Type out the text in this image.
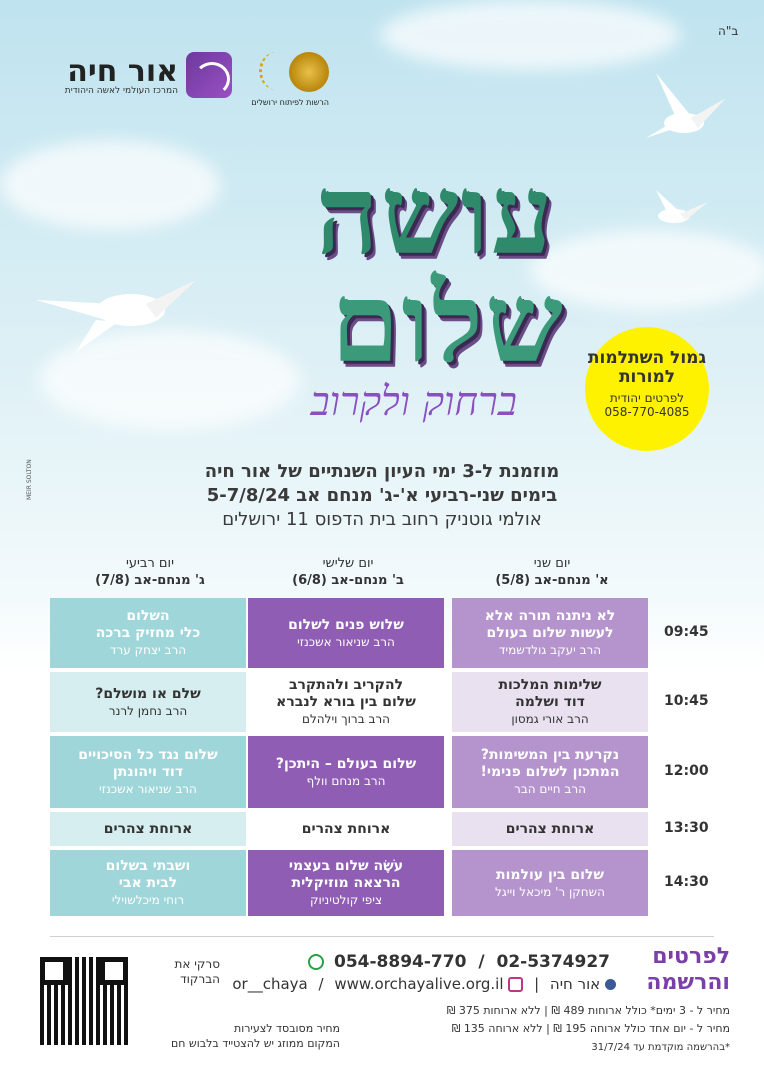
ב"ה
אור חיה
המרכז העולמי לאשה היהודית
הרשות לפיתוח ירושלים
עושה
שלום
ברחוק ולקרוב
גמול השתלמות למורות
לפרטים יהודית
058-770-4085
MEIR SOLTON	מוזמנת ל-3 ימי העיון השנתיים של אור חיה
בימים שני-רביעי א'-ג' מנחם אב 5-7/8/24
אולמי גוטניק רחוב בית הדפוס 11 ירושלים
יום שני
א' מנחם-אב (5/8)
יום שלישי
ב' מנחם-אב (6/8)
יום רביעי
ג' מנחם-אב (7/8)
09:45
לא ניתנה תורה אלא
לעשות שלום בעולם
הרב יעקב גולדשמיד
שלוש פנים לשלום
הרב שניאור אשכנזי
השלום
כלי מחזיק ברכה
הרב יצחק ערד
10:45
שלימות המלכות
דוד ושלמה
הרב אורי גמסון
להקריב ולהתקרב
שלום בין בורא לנברא
הרב ברוך וילהלם
שלם או מושלם?
הרב נחמן לרנר
12:00
נקרעת בין המשימות?
המתכון לשלום פנימי!
הרב חיים הבר
שלום בעולם – היתכן?
הרב מנחם וולף
שלום נגד כל הסיכויים
דוד ויהונתן
הרב שניאור אשכנזי
13:30
ארוחת צהרים
ארוחת צהרים
ארוחת צהרים
14:30
שלום בין עולמות
השחקן ר' מיכאל וייגל
עֹשֶׂה שלום בעצמי
הרצאה מוזיקלית
ציפי קולטיניוק
ושבתי בשלום
לבית אבי
רוחי מיכלשוילי
לפרטים והרשמה
02-5374927 / 054-8894-770
אור חיה |  or__chaya / www.orchayalive.org.il
מחיר ל - 3 ימים* כולל ארוחות 489 ₪ | ללא ארוחות 375 ₪
מחיר ל - יום אחד כולל ארוחה 195 ₪ | ללא ארוחה 135 ₪
*בהרשמה מוקדמת עד 31/7/24
סרקי את הברקוד
מחיר מסובסד לצעירות
המקום ממוזג יש להצטייד בלבוש חם
